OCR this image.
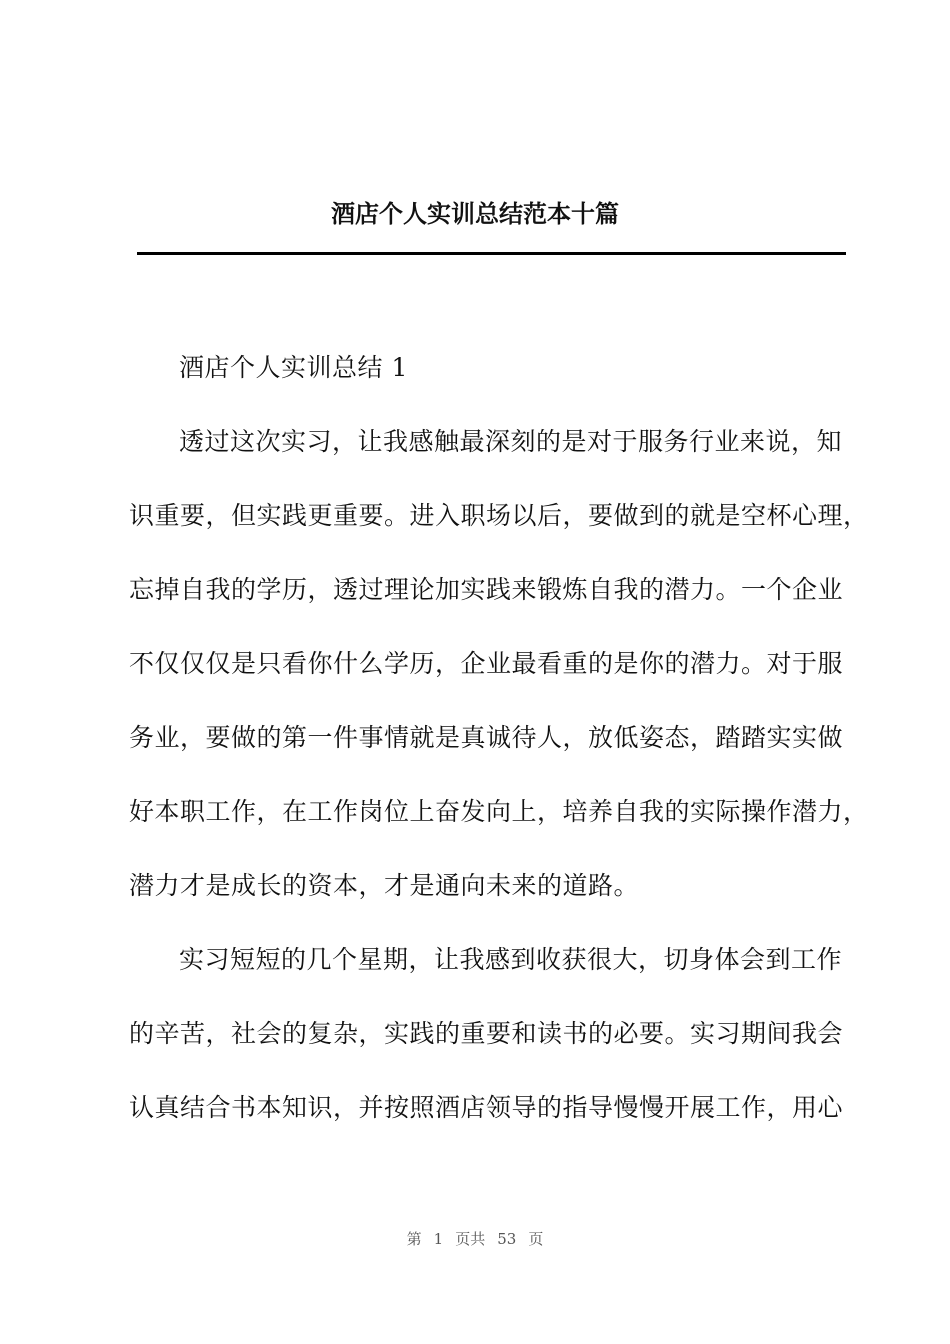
酒店个人实训总结范本十篇
酒店个人实训总结 1
透过这次实习，让我感触最深刻的是对于服务行业来说，知
识重要，但实践更重要。进入职场以后，要做到的就是空杯心理，
忘掉自我的学历，透过理论加实践来锻炼自我的潜力。一个企业
不仅仅仅是只看你什么学历，企业最看重的是你的潜力。对于服
务业，要做的第一件事情就是真诚待人，放低姿态，踏踏实实做
好本职工作，在工作岗位上奋发向上，培养自我的实际操作潜力，
潜力才是成长的资本，才是通向未来的道路。
实习短短的几个星期，让我感到收获很大，切身体会到工作
的辛苦，社会的复杂，实践的重要和读书的必要。实习期间我会
认真结合书本知识，并按照酒店领导的指导慢慢开展工作，用心
第 1 页共 53 页
